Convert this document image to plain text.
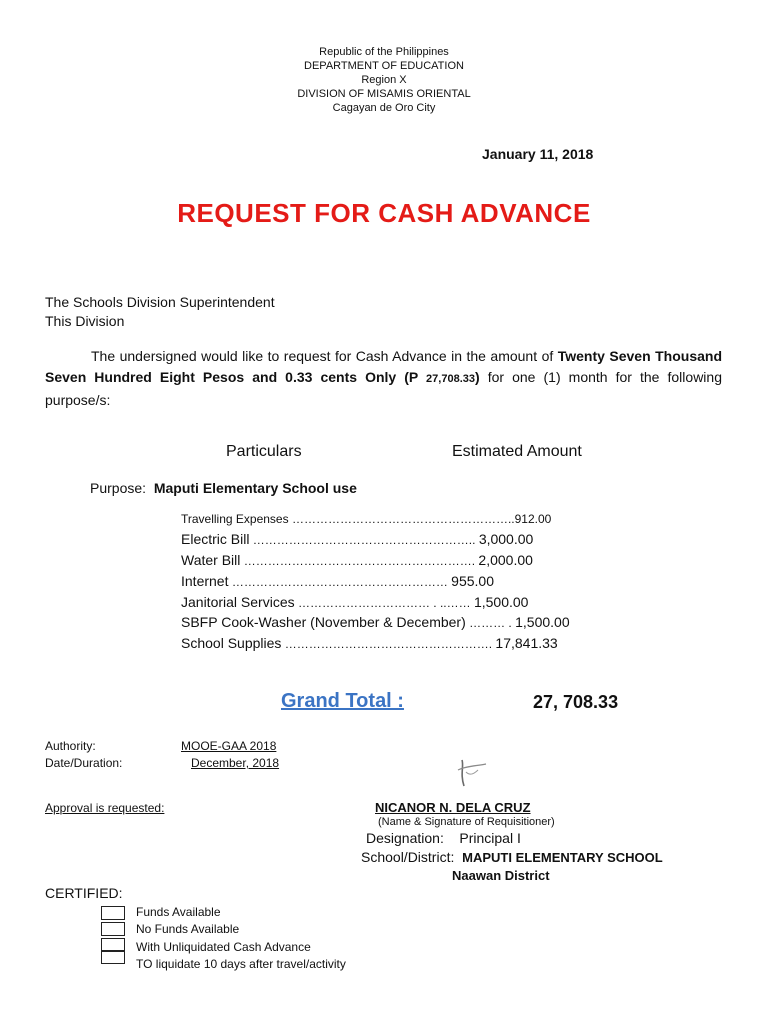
Republic of the Philippines
DEPARTMENT OF EDUCATION
Region X
DIVISION OF MISAMIS ORIENTAL
Cagayan de Oro City
January 11, 2018
REQUEST FOR CASH ADVANCE
The Schools Division Superintendent
This Division
The undersigned would like to request for Cash Advance in the amount of Twenty Seven Thousand Seven Hundred Eight Pesos and 0.33 cents Only (P 27,708.33) for one (1) month for the following purpose/s:
Particulars	Estimated Amount
Purpose: Maputi Elementary School use
Travelling Expenses ………………………………………………..912.00
Electric Bill ……………………………………………….. 3,000.00
Water Bill …………………………………………………. 2,000.00
Internet ……………………………………………… 955.00
Janitorial Services …………………………… . ..…… 1,500.00
SBFP Cook-Washer (November & December) ……… . 1,500.00
School Supplies ……………………………………………. 17,841.33
Grand Total :	27, 708.33
Authority:	MOOE-GAA 2018
Date/Duration:	December, 2018
Approval is requested:	NICANOR N. DELA CRUZ
(Name & Signature of Requisitioner)
Designation: Principal I
School/District: MAPUTI ELEMENTARY SCHOOL
Naawan District
CERTIFIED:
Funds Available
No Funds Available
With Unliquidated Cash Advance
TO liquidate 10 days after travel/activity
